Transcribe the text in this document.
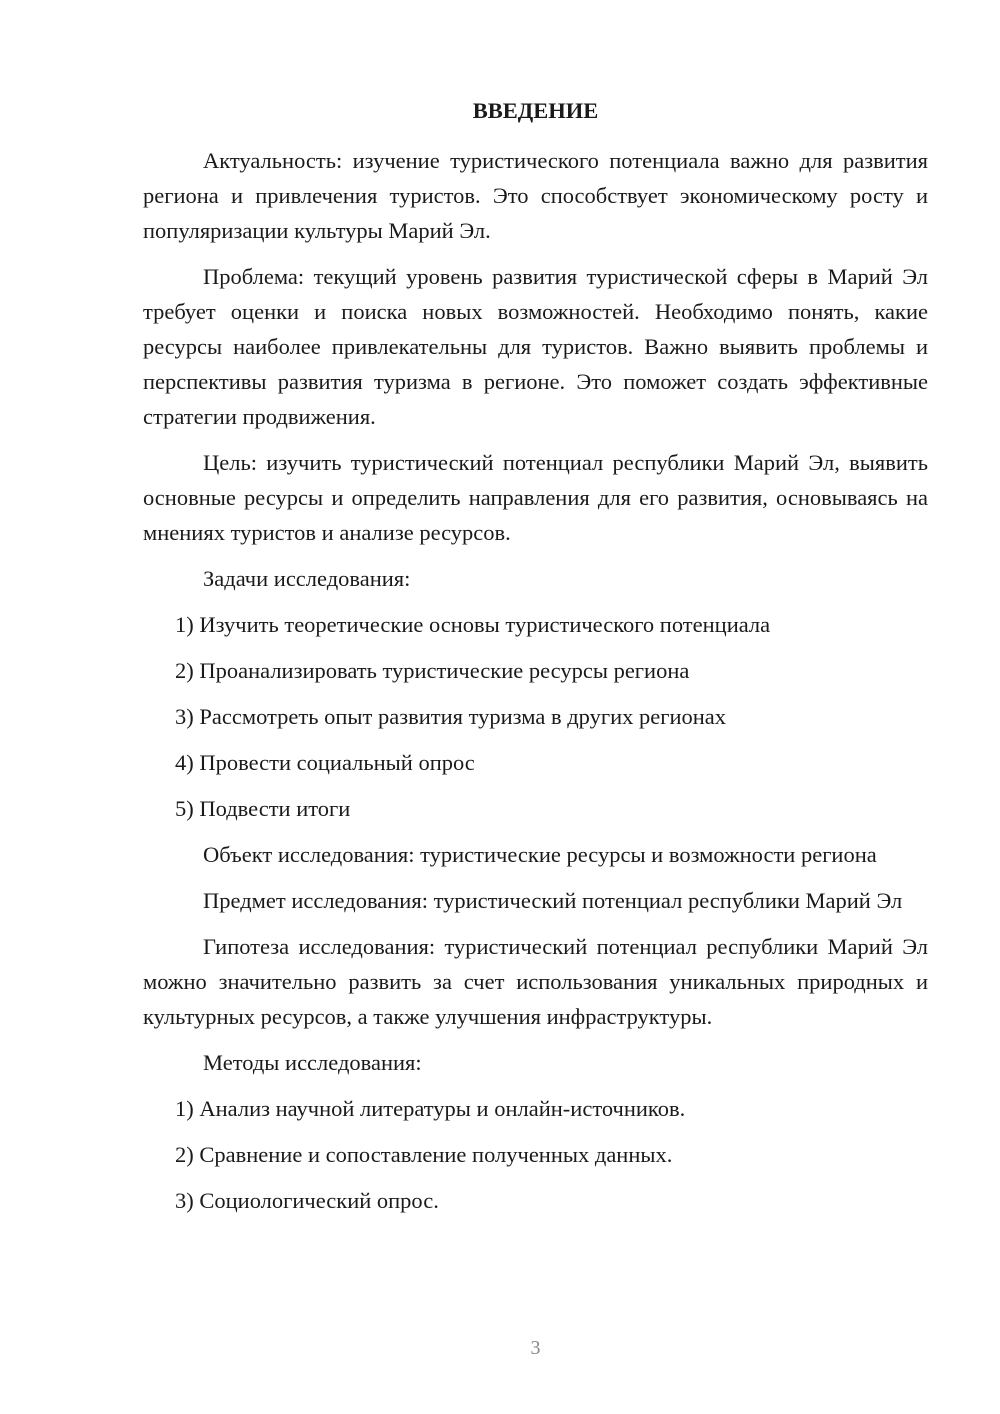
ВВЕДЕНИЕ

Актуальность: изучение туристического потенциала важно для развития региона и привлечения туристов. Это способствует экономическому росту и популяризации культуры Марий Эл.

Проблема: текущий уровень развития туристической сферы в Марий Эл требует оценки и поиска новых возможностей. Необходимо понять, какие ресурсы наиболее привлекательны для туристов. Важно выявить проблемы и перспективы развития туризма в регионе. Это поможет создать эффективные стратегии продвижения.

Цель: изучить туристический потенциал республики Марий Эл, выявить основные ресурсы и определить направления для его развития, основываясь на мнениях туристов и анализе ресурсов.

Задачи исследования:

1) Изучить теоретические основы туристического потенциала
2) Проанализировать туристические ресурсы региона
3) Рассмотреть опыт развития туризма в других регионах
4) Провести социальный опрос
5) Подвести итоги

Объект исследования: туристические ресурсы и возможности региона

Предмет исследования: туристический потенциал республики Марий Эл

Гипотеза исследования: туристический потенциал республики Марий Эл можно значительно развить за счет использования уникальных природных и культурных ресурсов, а также улучшения инфраструктуры.

Методы исследования:

1) Анализ научной литературы и онлайн-источников.
2) Сравнение и сопоставление полученных данных.
3) Социологический опрос.
3
